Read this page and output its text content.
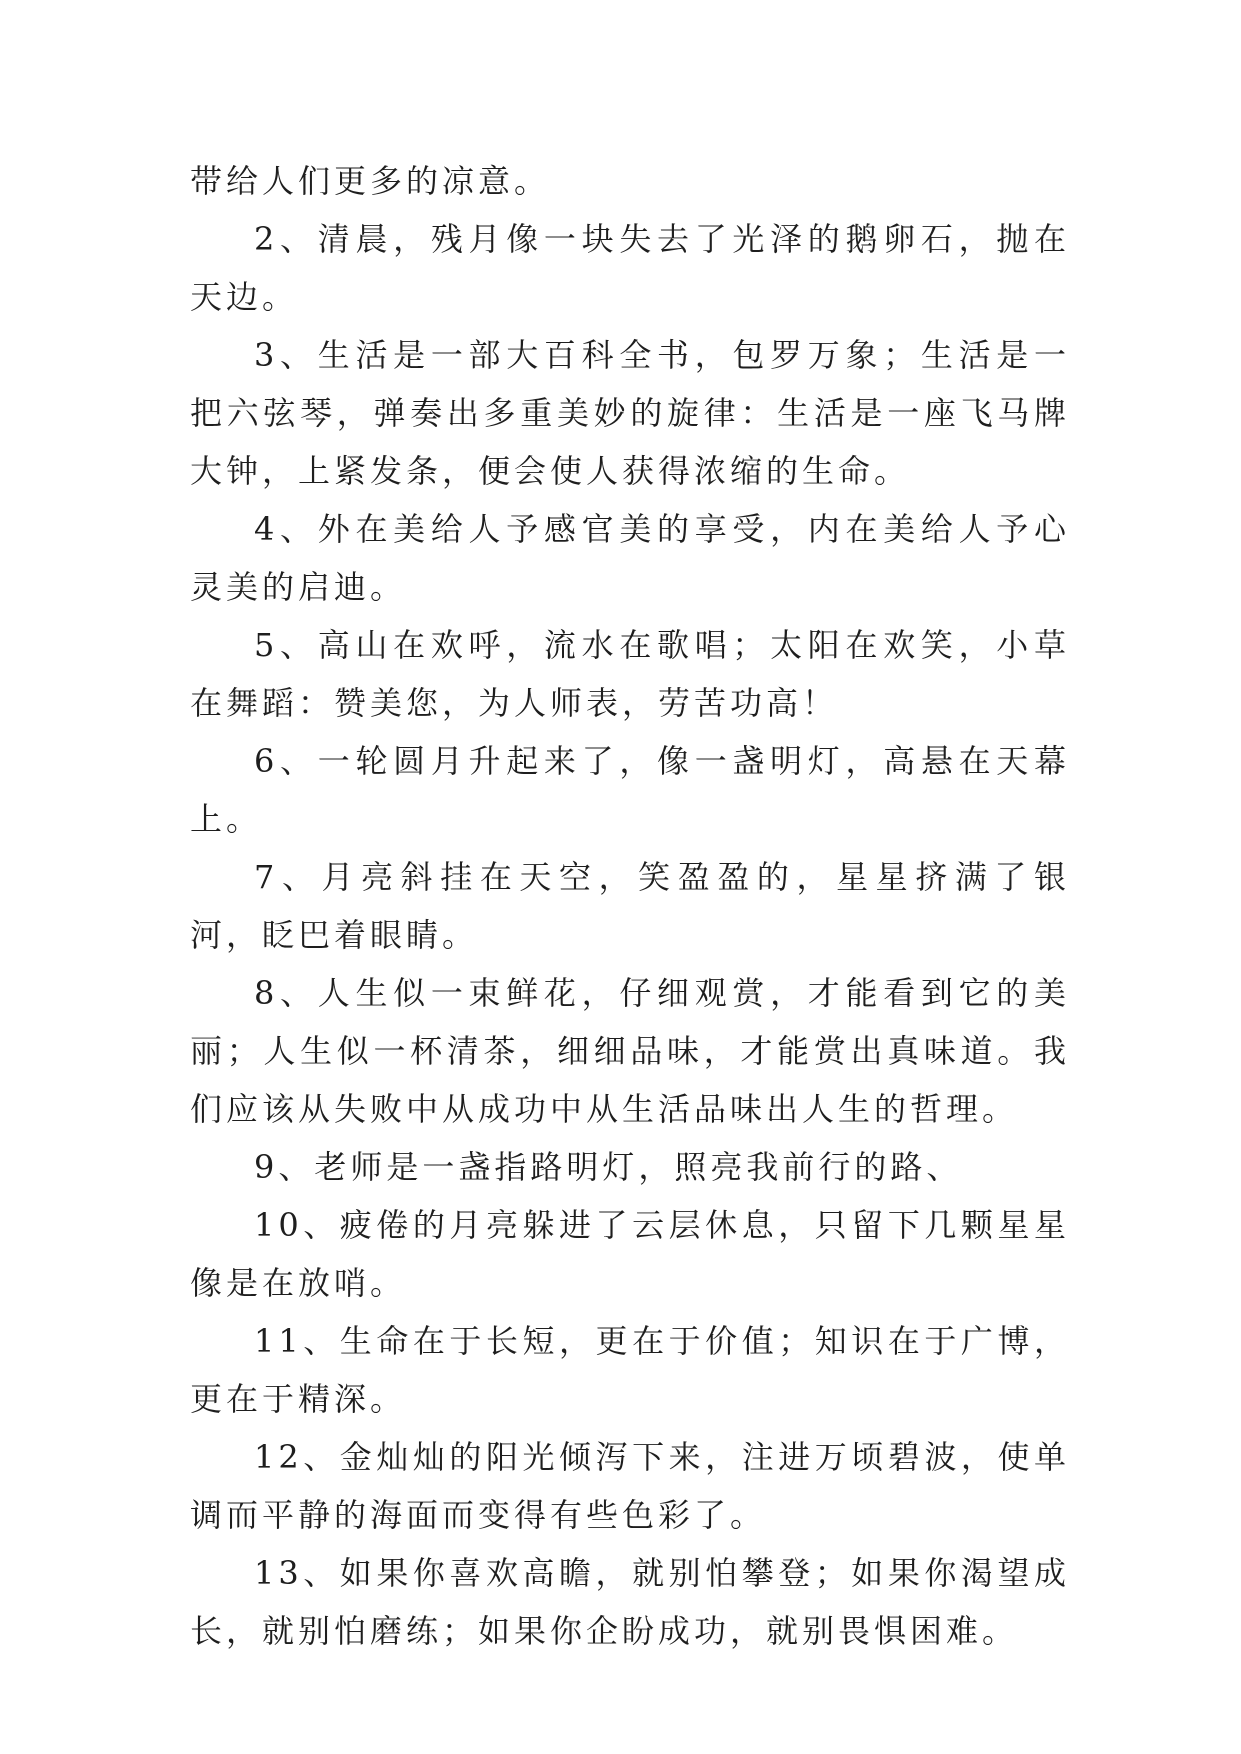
带给人们更多的凉意。

2、清晨，残月像一块失去了光泽的鹅卵石，抛在天边。

3、生活是一部大百科全书，包罗万象；生活是一把六弦琴，弹奏出多重美妙的旋律：生活是一座飞马牌大钟，上紧发条，便会使人获得浓缩的生命。

4、外在美给人予感官美的享受，内在美给人予心灵美的启迪。

5、高山在欢呼，流水在歌唱；太阳在欢笑，小草在舞蹈：赞美您，为人师表，劳苦功高！

6、一轮圆月升起来了，像一盏明灯，高悬在天幕上。

7、月亮斜挂在天空，笑盈盈的，星星挤满了银河，眨巴着眼睛。

8、人生似一束鲜花，仔细观赏，才能看到它的美丽；人生似一杯清茶，细细品味，才能赏出真味道。我们应该从失败中从成功中从生活品味出人生的哲理。

9、老师是一盏指路明灯，照亮我前行的路、

10、疲倦的月亮躲进了云层休息，只留下几颗星星像是在放哨。

11、生命在于长短，更在于价值；知识在于广博，更在于精深。

12、金灿灿的阳光倾泻下来，注进万顷碧波，使单调而平静的海面而变得有些色彩了。

13、如果你喜欢高瞻，就别怕攀登；如果你渴望成长，就别怕磨练；如果你企盼成功，就别畏惧困难。
